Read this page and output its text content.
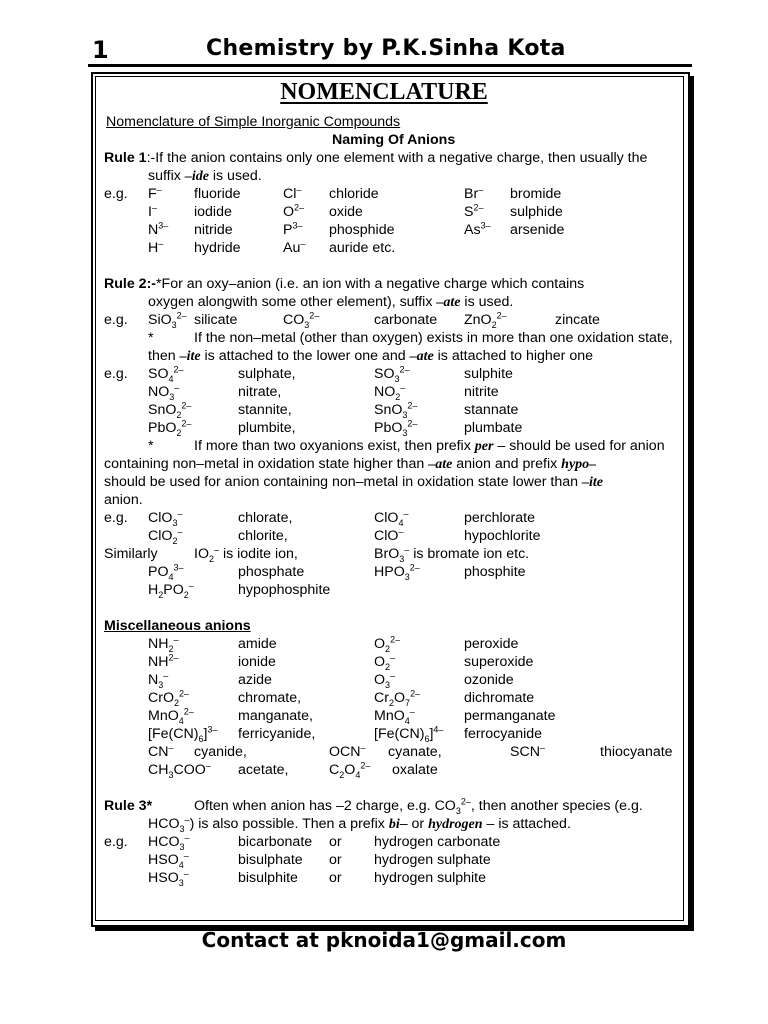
1	Chemistry by P.K.Sinha Kota
NOMENCLATURE
Nomenclature of Simple Inorganic Compounds
Naming Of Anions
Rule 1:-If the anion contains only one element with a negative charge, then usually the
suffix –ide is used.
e.g. F– fluoride	Cl– chloride	Br– bromide
I–	iodide	$O^{2-}$ oxide	$S^{2-}$ sulphide
$N^{3-}$ nitride	$P^{3-}$ phosphide	$As^{3-}$ arsenide
H– hydride	Au– auride etc.
Rule 2:-*For an oxy–anion (i.e. an ion with a negative charge which contains
oxygen alongwith some other element), suffix –ate is used.
e.g. SiO$_3^{2-}$ silicate	$CO_3^{2-}$	carbonate ZnO$_2^{2-}$	zincate
*	If the non–metal (other than oxygen) exists in more than one oxidation state,
then –ite is attached to the lower one and –ate is attached to higher one
e.g. $SO_4^{2-}$	sulphate,	$SO_3^{2-}$	sulphite
$NO_3^-$	nitrate,	$NO_2^-$	nitrite
SnO$_2^{2-}$	stannite,	SnO$_3^{2-}$	stannate
PbO$_2^{2-}$	plumbite,	PbO$_3^{2-}$	plumbate
*	If more than two oxyanions exist, then prefix per – should be used for anion
containing non–metal in oxidation state higher than –ate anion and prefix hypo–
should be used for anion containing non–metal in oxidation state lower than –ite
anion.
e.g. ClO$_3$–	chlorate,	ClO$_4$–	perchlorate
ClO$_2$–	chlorite,	ClO–	hypochlorite
Similarly	$IO_2^-$ is iodite ion,	BrO$_3$– is bromate ion etc.
$PO_4^{3-}$	phosphate	$HPO_3^{2-}$	phosphite
$H_2PO_2^-$	hypophosphite
Miscellaneous anions
$NH_2^-$	amide	$O_2^{2-}$	peroxide
$NH^{2-}$	ionide	$O_2^-$	superoxide
$N_3^-$	azide	$O_3^-$	ozonide
CrO$_2^{2-}$	chromate,	$Cr_2O_7^{2-}$	dichromate
MnO$_4^{2-}$	manganate,	MnO$_4$–	permanganate
$[Fe(CN)_6]^{3-}$ ferricyanide,	$[Fe(CN)_6]^{4-}$ ferrocyanide
CN– cyanide,	OCN– cyanate,	SCN–	thiocyanate
$CH_3COO^-$ acetate,	$C_2O_4^{2-}$ oxalate
Rule 3*	Often when anion has –2 charge, e.g. $CO_3^{2-}$, then another species (e.g.
$HCO_3^-$) is also possible. Then a prefix bi– or hydrogen – is attached.
e.g. $HCO_3^-$	bicarbonate or hydrogen carbonate
$HSO_4^-$	bisulphate or hydrogen sulphate
$HSO_3^-$	bisulphite or hydrogen sulphite
Contact at pknoida1@gmail.com
